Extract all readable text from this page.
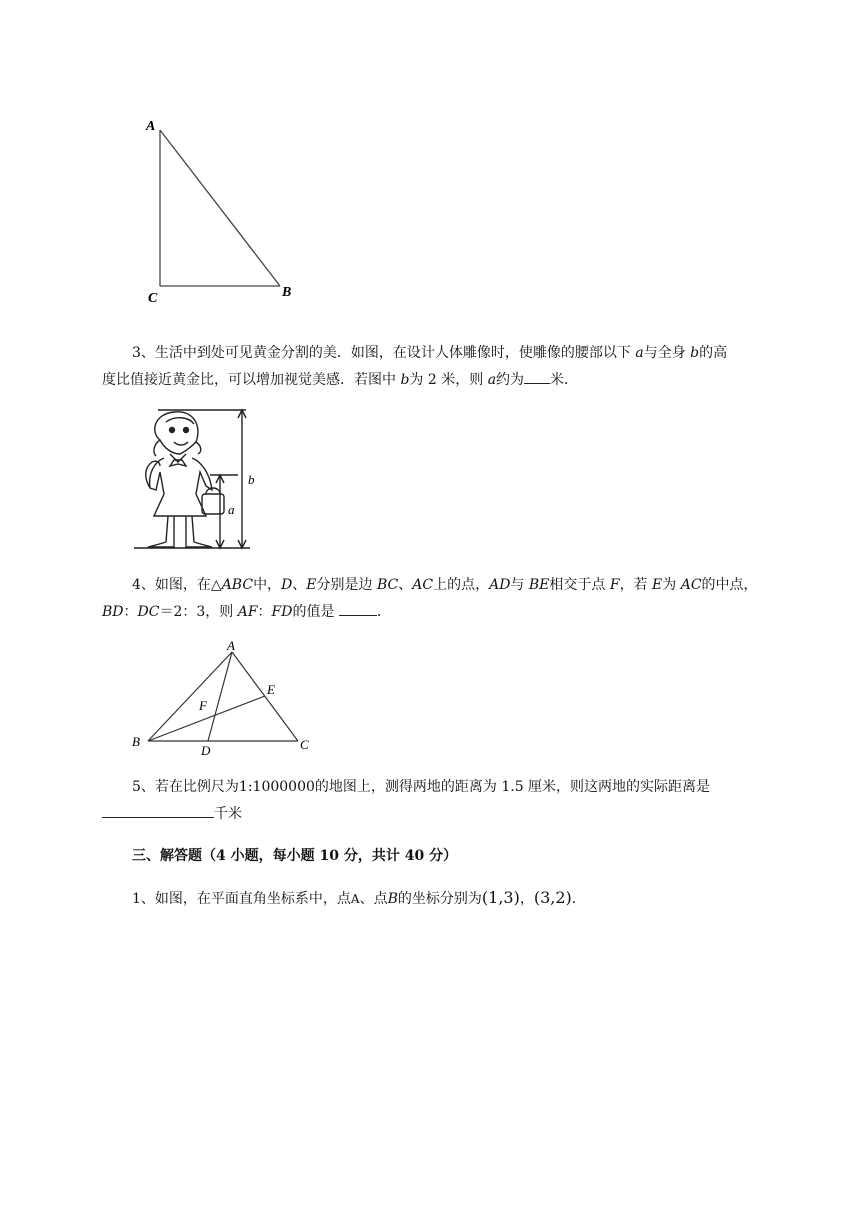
A
C	B
3、生活中到处可见黄金分割的美．如图，在设计人体雕像时，使雕像的腰部以下 a与全身 b的高
度比值接近黄金比，可以增加视觉美感．若图中 b为 2 米，则 a约为 米．
b
a
4、如图，在△ABC中，D、E分别是边 BC、AC上的点，AD与 BE相交于点 F，若 E为 AC的中点，
BD：DC＝2：3，则 AF：FD的值是	．
A
B	C
D
E
F
5、若在比例尺为1:1000000的地图上，测得两地的距离为 1.5 厘米，则这两地的实际距离是
千米
三、解答题（4 小题，每小题 10 分，共计 40 分）
1、如图，在平面直角坐标系中，点A、点B的坐标分别为(1,3)，(3,2)．
